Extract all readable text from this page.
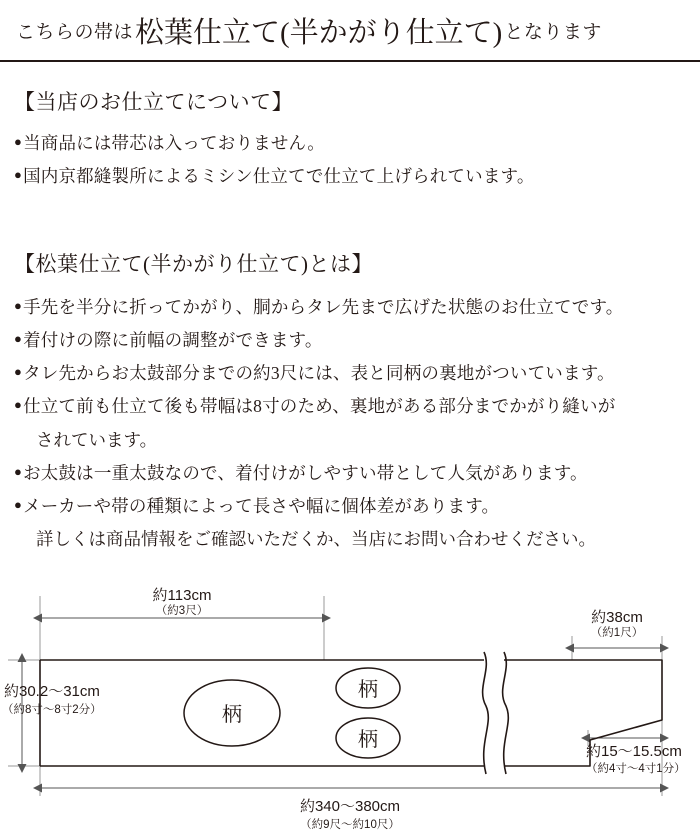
こちらの帯は 松葉仕立て(半かがり仕立て) となります
【当店のお仕立てについて】
● 当商品には帯芯は入っておりません。
● 国内京都縫製所によるミシン仕立てで仕立て上げられています。
【松葉仕立て(半かがり仕立て)とは】
● 手先を半分に折ってかがり、胴からタレ先まで広げた状態のお仕立てです。
● 着付けの際に前幅の調整ができます。
● タレ先からお太鼓部分までの約3尺には、表と同柄の裏地がついています。
● 仕立て前も仕立て後も帯幅は8寸のため、裏地がある部分までかがり縫いが
されています。
● お太鼓は一重太鼓なので、着付けがしやすい帯として人気があります。
● メーカーや帯の種類によって長さや幅に個体差があります。
詳しくは商品情報をご確認いただくか、当店にお問い合わせください。
柄
柄
柄
約113cm
（約3尺）
約30.2〜31cm
（約8寸〜8寸2分）
約38cm
（約1尺）
約15〜15.5cm
（約4寸〜4寸1分）
約340〜380cm
（約9尺〜約10尺）
